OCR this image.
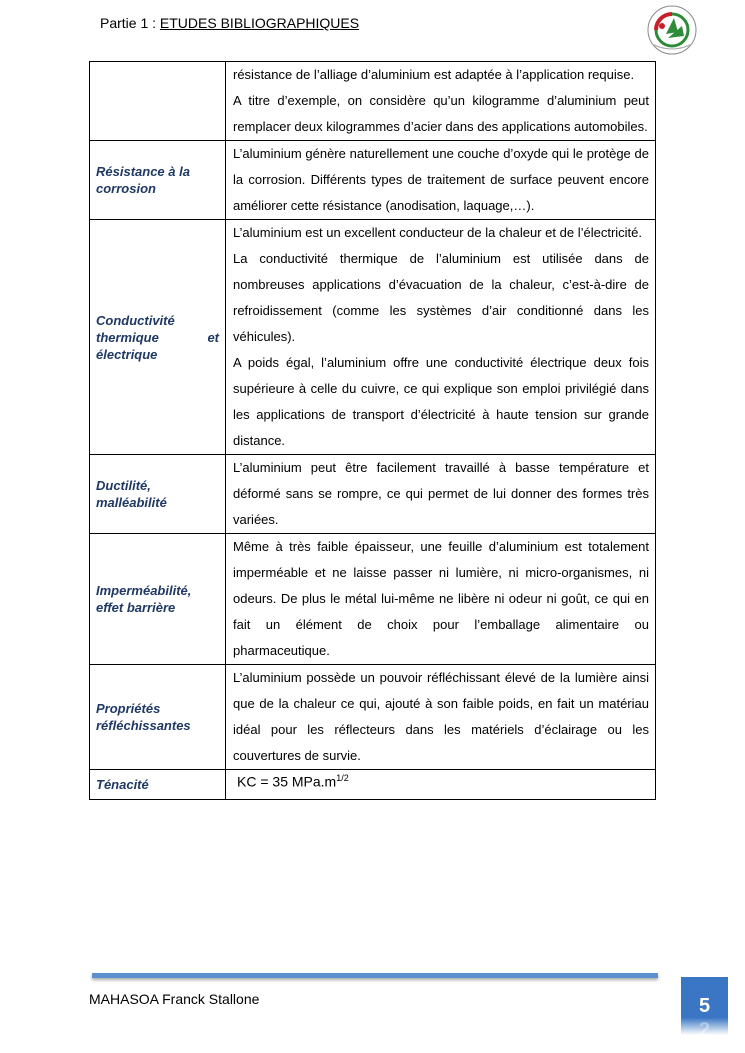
Partie 1 : ETUDES BIBLIOGRAPHIQUES

	résistance de l’alliage d’aluminium est adaptée à l’application requise.

A titre d’exemple, on considère qu’un kilogramme d’aluminium peut remplacer deux kilogrammes d’acier dans des applications automobiles.

Résistance à la corrosion	L’aluminium génère naturellement une couche d’oxyde qui le protège de la corrosion. Différents types de traitement de surface peuvent encore améliorer cette résistance (anodisation, laquage,…).

Conductivité thermique et électrique	L’aluminium est un excellent conducteur de la chaleur et de l’électricité.

La conductivité thermique de l’aluminium est utilisée dans de nombreuses applications d’évacuation de la chaleur, c’est-à-dire de refroidissement (comme les systèmes d’air conditionné dans les véhicules).

A poids égal, l’aluminium offre une conductivité électrique deux fois supérieure à celle du cuivre, ce qui explique son emploi privilégié dans les applications de transport d’électricité à haute tension sur grande distance.

Ductilité, malléabilité	L’aluminium peut être facilement travaillé à basse température et déformé sans se rompre, ce qui permet de lui donner des formes très variées.

Imperméabilité, effet barrière	Même à très faible épaisseur, une feuille d’aluminium est totalement imperméable et ne laisse passer ni lumière, ni micro-organismes, ni odeurs. De plus le métal lui-même ne libère ni odeur ni goût, ce qui en fait un élément de choix pour l’emballage alimentaire ou pharmaceutique.

Propriétés réfléchissantes	L’aluminium possède un pouvoir réfléchissant élevé de la lumière ainsi que de la chaleur ce qui, ajouté à son faible poids, en fait un matériau idéal pour les réflecteurs dans les matériels d’éclairage ou les couvertures de survie.

Ténacité	KC = 35 $MPa.m^{1/2}$
MAHASOA Franck Stallone	5
2
